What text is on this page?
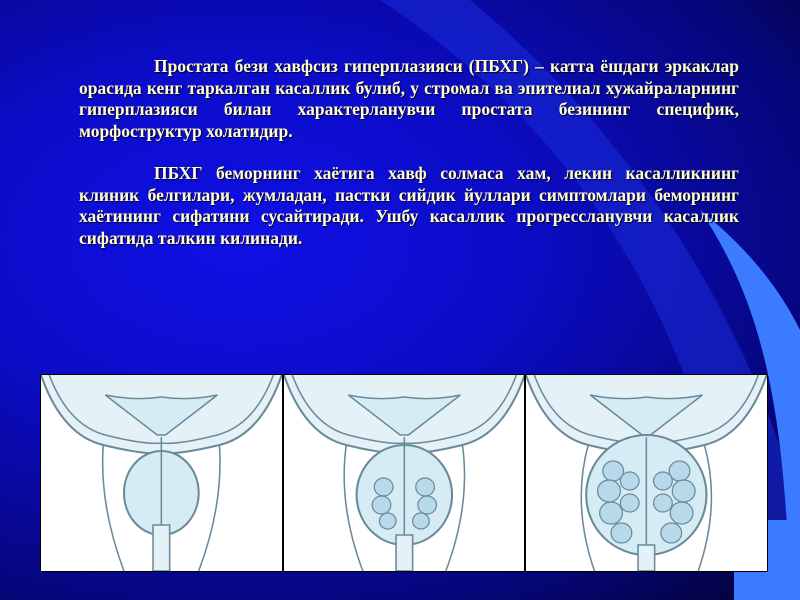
Простата бези хавфсиз гиперплазияси (ПБХГ) – катта ёшдаги эркаклар орасида кенг таркалган касаллик булиб, у стромал ва эпителиал хужайраларнинг гиперплазияси билан характерланувчи простата безининг специфик, морфоструктур холатидир.

ПБХГ беморнинг хаётига хавф солмаса хам, лекин касалликнинг клиник белгилари, жумладан, пастки сийдик йуллари симптомлари беморнинг хаётининг сифатини сусайтиради. Ушбу касаллик прогрессланувчи касаллик сифатида талкин килинади.
